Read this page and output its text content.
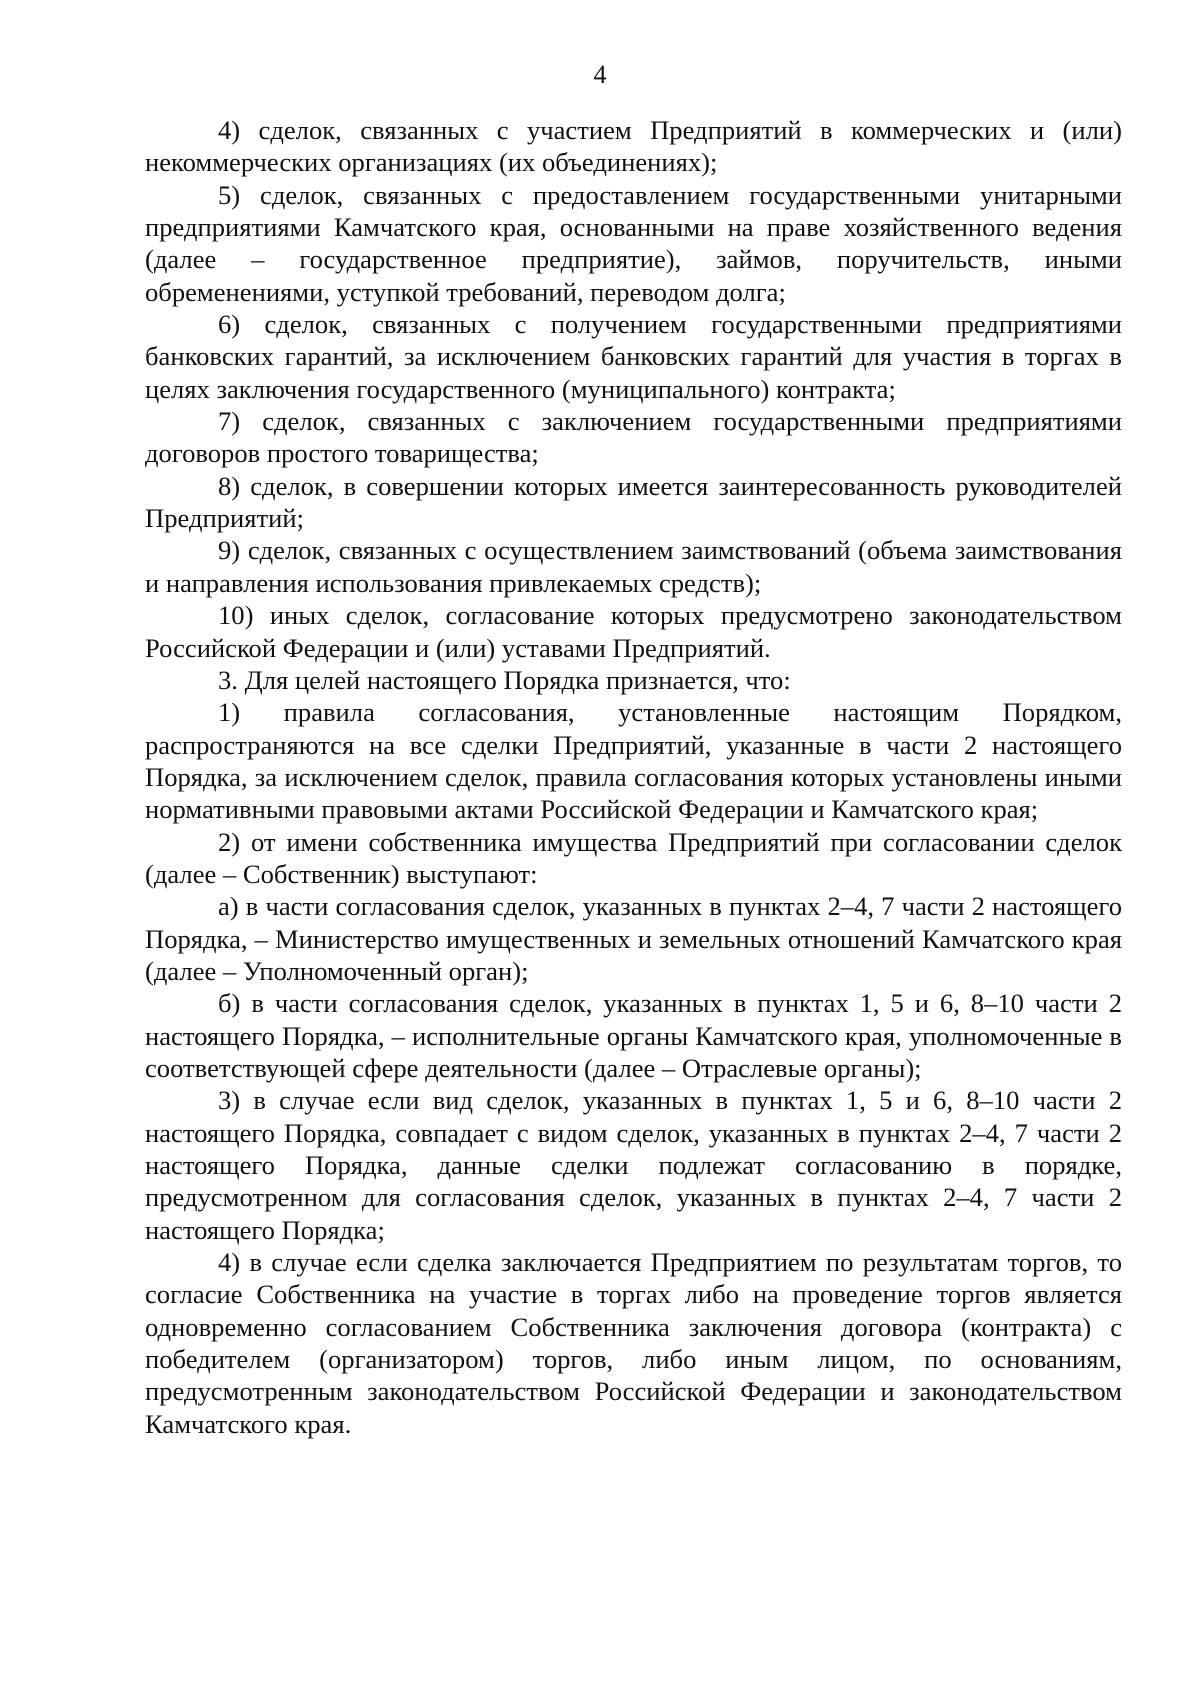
4

4) сделок, связанных с участием Предприятий в коммерческих и (или) некоммерческих организациях (их объединениях);

5) сделок, связанных с предоставлением государственными унитарными предприятиями Камчатского края, основанными на праве хозяйственного ведения (далее – государственное предприятие), займов, поручительств, иными обременениями, уступкой требований, переводом долга;

6) сделок, связанных с получением государственными предприятиями банковских гарантий, за исключением банковских гарантий для участия в торгах в целях заключения государственного (муниципального) контракта;

7) сделок, связанных с заключением государственными предприятиями договоров простого товарищества;

8) сделок, в совершении которых имеется заинтересованность руководителей Предприятий;

9) сделок, связанных с осуществлением заимствований (объема заимствования и направления использования привлекаемых средств);

10) иных сделок, согласование которых предусмотрено законодательством Российской Федерации и (или) уставами Предприятий.

3. Для целей настоящего Порядка признается, что:

1) правила согласования, установленные настоящим Порядком, распространяются на все сделки Предприятий, указанные в части 2 настоящего Порядка, за исключением сделок, правила согласования которых установлены иными нормативными правовыми актами Российской Федерации и Камчатского края;

2) от имени собственника имущества Предприятий при согласовании сделок (далее – Собственник) выступают:

а) в части согласования сделок, указанных в пунктах 2–4, 7 части 2 настоящего Порядка, – Министерство имущественных и земельных отношений Камчатского края (далее – Уполномоченный орган);

б) в части согласования сделок, указанных в пунктах 1, 5 и 6, 8–10 части 2 настоящего Порядка, – исполнительные органы Камчатского края, уполномоченные в соответствующей сфере деятельности (далее – Отраслевые органы);

3) в случае если вид сделок, указанных в пунктах 1, 5 и 6, 8–10 части 2 настоящего Порядка, совпадает с видом сделок, указанных в пунктах 2–4, 7 части 2 настоящего Порядка, данные сделки подлежат согласованию в порядке, предусмотренном для согласования сделок, указанных в пунктах 2–4, 7 части 2 настоящего Порядка;

4) в случае если сделка заключается Предприятием по результатам торгов, то согласие Собственника на участие в торгах либо на проведение торгов является одновременно согласованием Собственника заключения договора (контракта) с победителем (организатором) торгов, либо иным лицом, по основаниям, предусмотренным законодательством Российской Федерации и законодательством Камчатского края.
